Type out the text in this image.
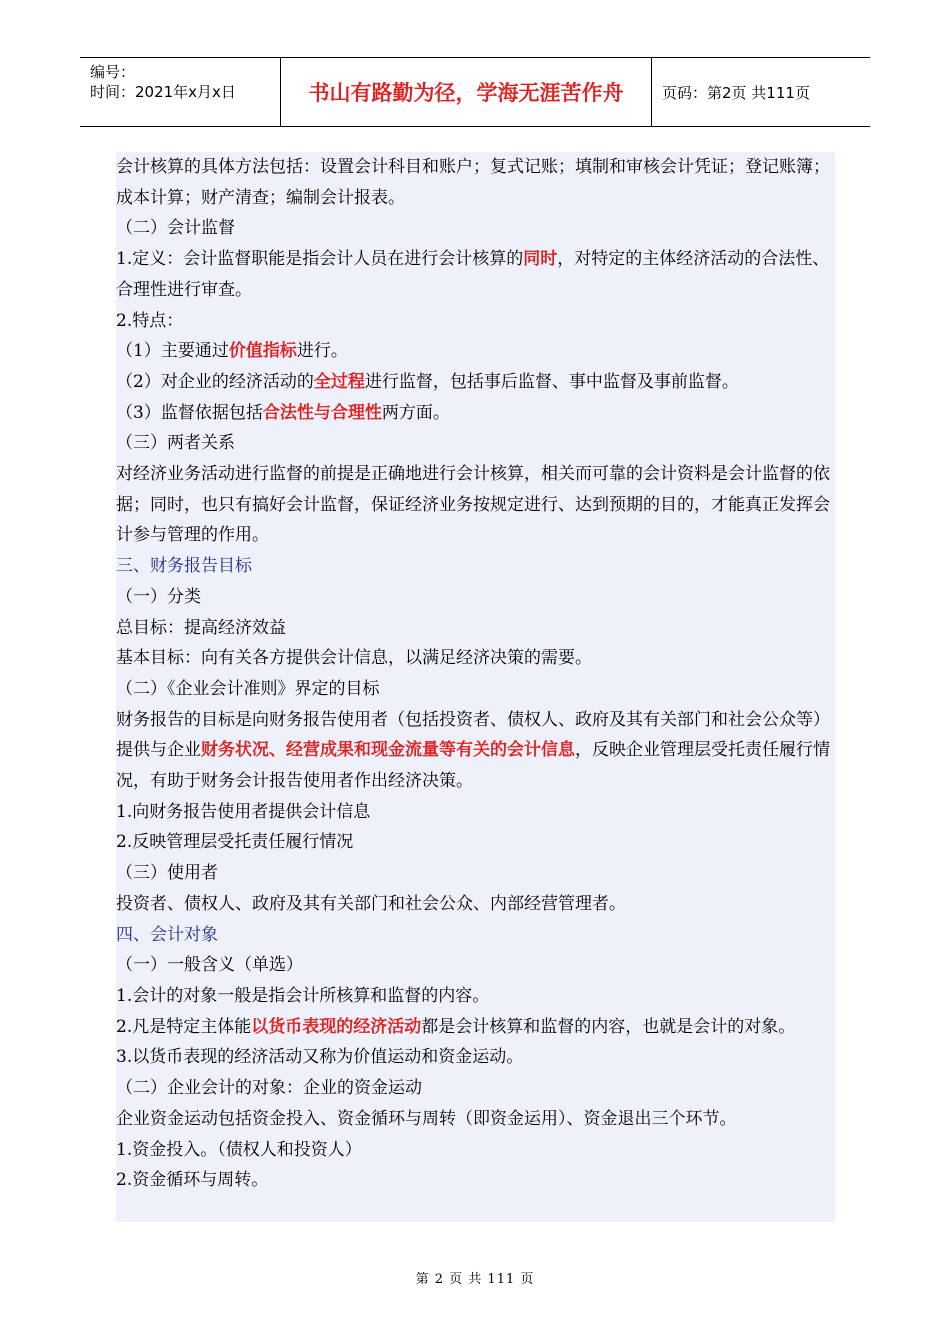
编号：
时间：2021年x月x日	书山有路勤为径，学海无涯苦作舟	页码：第2页 共111页

会计核算的具体方法包括：设置会计科目和账户；复式记账；填制和审核会计凭证；登记账簿；成本计算；财产清查；编制会计报表。

（二）会计监督

1.定义：会计监督职能是指会计人员在进行会计核算的同时，对特定的主体经济活动的合法性、合理性进行审查。

2.特点：

（1）主要通过价值指标进行。

（2）对企业的经济活动的全过程进行监督，包括事后监督、事中监督及事前监督。

（3）监督依据包括合法性与合理性两方面。

（三）两者关系

对经济业务活动进行监督的前提是正确地进行会计核算，相关而可靠的会计资料是会计监督的依据；同时，也只有搞好会计监督，保证经济业务按规定进行、达到预期的目的，才能真正发挥会计参与管理的作用。

三、财务报告目标

（一）分类

总目标：提高经济效益

基本目标：向有关各方提供会计信息，以满足经济决策的需要。

（二）《企业会计准则》界定的目标

财务报告的目标是向财务报告使用者（包括投资者、债权人、政府及其有关部门和社会公众等）提供与企业财务状况、经营成果和现金流量等有关的会计信息，反映企业管理层受托责任履行情况，有助于财务会计报告使用者作出经济决策。

1.向财务报告使用者提供会计信息

2.反映管理层受托责任履行情况

（三）使用者

投资者、债权人、政府及其有关部门和社会公众、内部经营管理者。

四、会计对象

（一）一般含义（单选）

1.会计的对象一般是指会计所核算和监督的内容。

2.凡是特定主体能以货币表现的经济活动都是会计核算和监督的内容，也就是会计的对象。

3.以货币表现的经济活动又称为价值运动和资金运动。

（二）企业会计的对象：企业的资金运动

企业资金运动包括资金投入、资金循环与周转（即资金运用）、资金退出三个环节。

1.资金投入。（债权人和投资人）

2.资金循环与周转。

第 2 页 共 111 页
